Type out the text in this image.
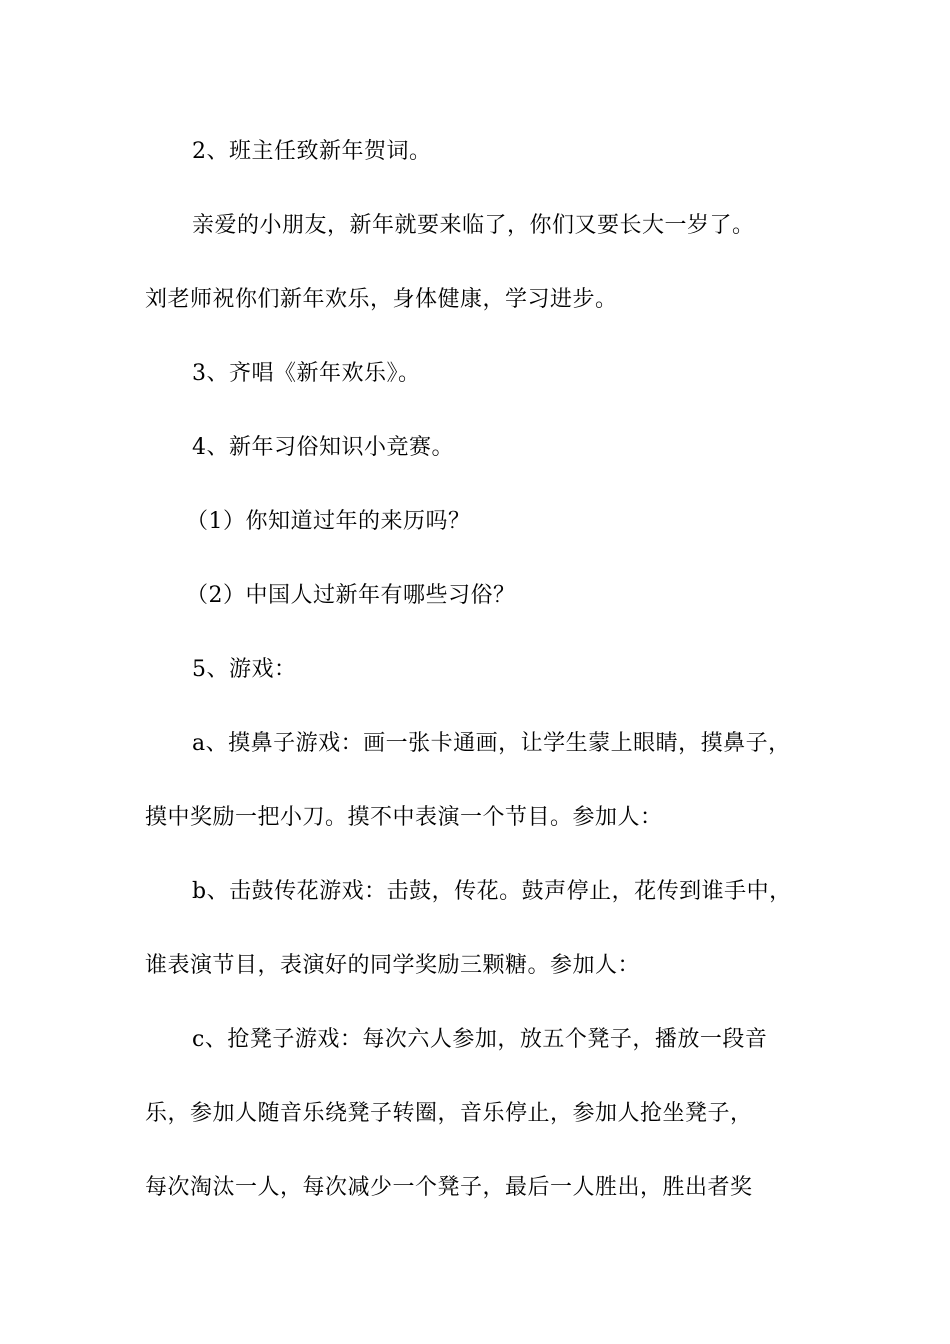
2、班主任致新年贺词。
亲爱的小朋友，新年就要来临了，你们又要长大一岁了。
刘老师祝你们新年欢乐，身体健康，学习进步。
3、齐唱《新年欢乐》。
4、新年习俗知识小竞赛。
（1）你知道过年的来历吗？
（2）中国人过新年有哪些习俗？
5、游戏：
a、摸鼻子游戏：画一张卡通画，让学生蒙上眼睛，摸鼻子，
摸中奖励一把小刀。摸不中表演一个节目。参加人：
b、击鼓传花游戏：击鼓，传花。鼓声停止，花传到谁手中，
谁表演节目，表演好的同学奖励三颗糖。参加人：
c、抢凳子游戏：每次六人参加，放五个凳子，播放一段音
乐，参加人随音乐绕凳子转圈，音乐停止，参加人抢坐凳子，
每次淘汰一人，每次减少一个凳子，最后一人胜出，胜出者奖
